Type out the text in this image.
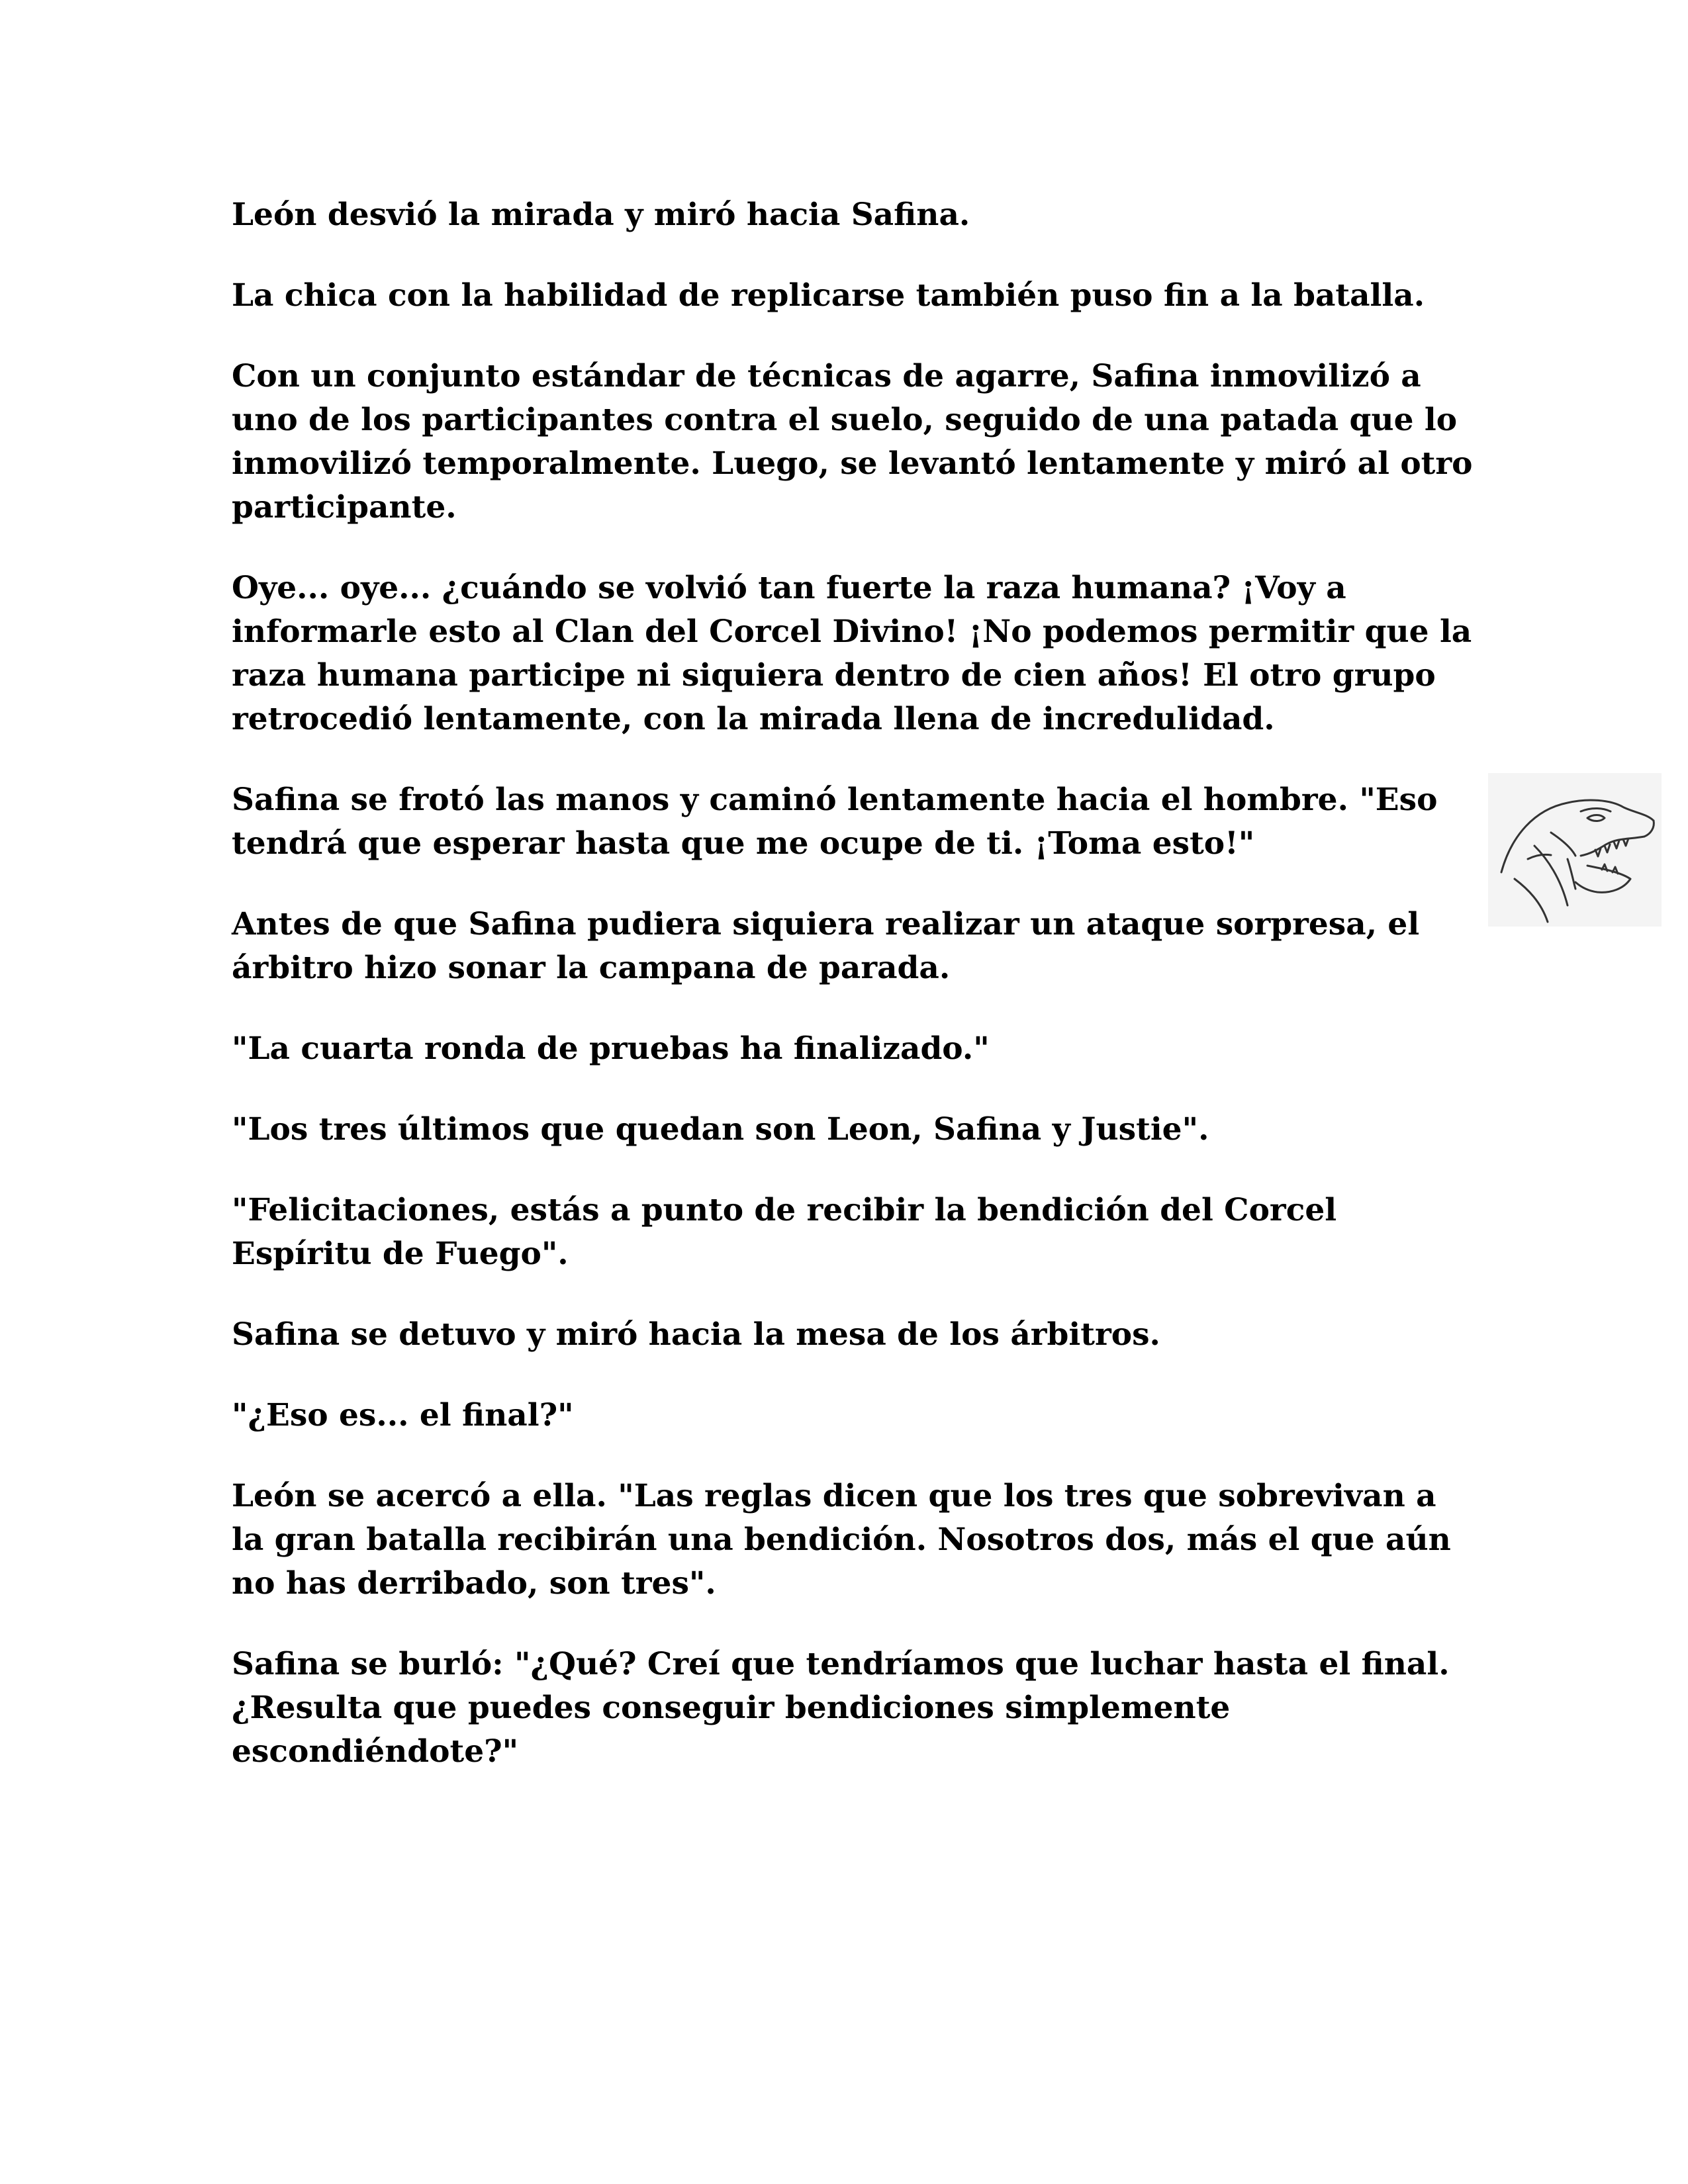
León desvió la mirada y miró hacia Safina.

La chica con la habilidad de replicarse también puso fin a la batalla.

Con un conjunto estándar de técnicas de agarre, Safina inmovilizó a uno de los participantes contra el suelo, seguido de una patada que lo inmovilizó temporalmente. Luego, se levantó lentamente y miró al otro participante.

Oye... oye... ¿cuándo se volvió tan fuerte la raza humana? ¡Voy a informarle esto al Clan del Corcel Divino! ¡No podemos permitir que la raza humana participe ni siquiera dentro de cien años! El otro grupo retrocedió lentamente, con la mirada llena de incredulidad.

Safina se frotó las manos y caminó lentamente hacia el hombre. "Eso tendrá que esperar hasta que me ocupe de ti. ¡Toma esto!"

Antes de que Safina pudiera siquiera realizar un ataque sorpresa, el árbitro hizo sonar la campana de parada.

"La cuarta ronda de pruebas ha finalizado."

"Los tres últimos que quedan son Leon, Safina y Justie".

"Felicitaciones, estás a punto de recibir la bendición del Corcel Espíritu de Fuego".

Safina se detuvo y miró hacia la mesa de los árbitros.

"¿Eso es... el final?"

León se acercó a ella. "Las reglas dicen que los tres que sobrevivan a la gran batalla recibirán una bendición. Nosotros dos, más el que aún no has derribado, son tres".

Safina se burló: "¿Qué? Creí que tendríamos que luchar hasta el final. ¿Resulta que puedes conseguir bendiciones simplemente escondiéndote?"
